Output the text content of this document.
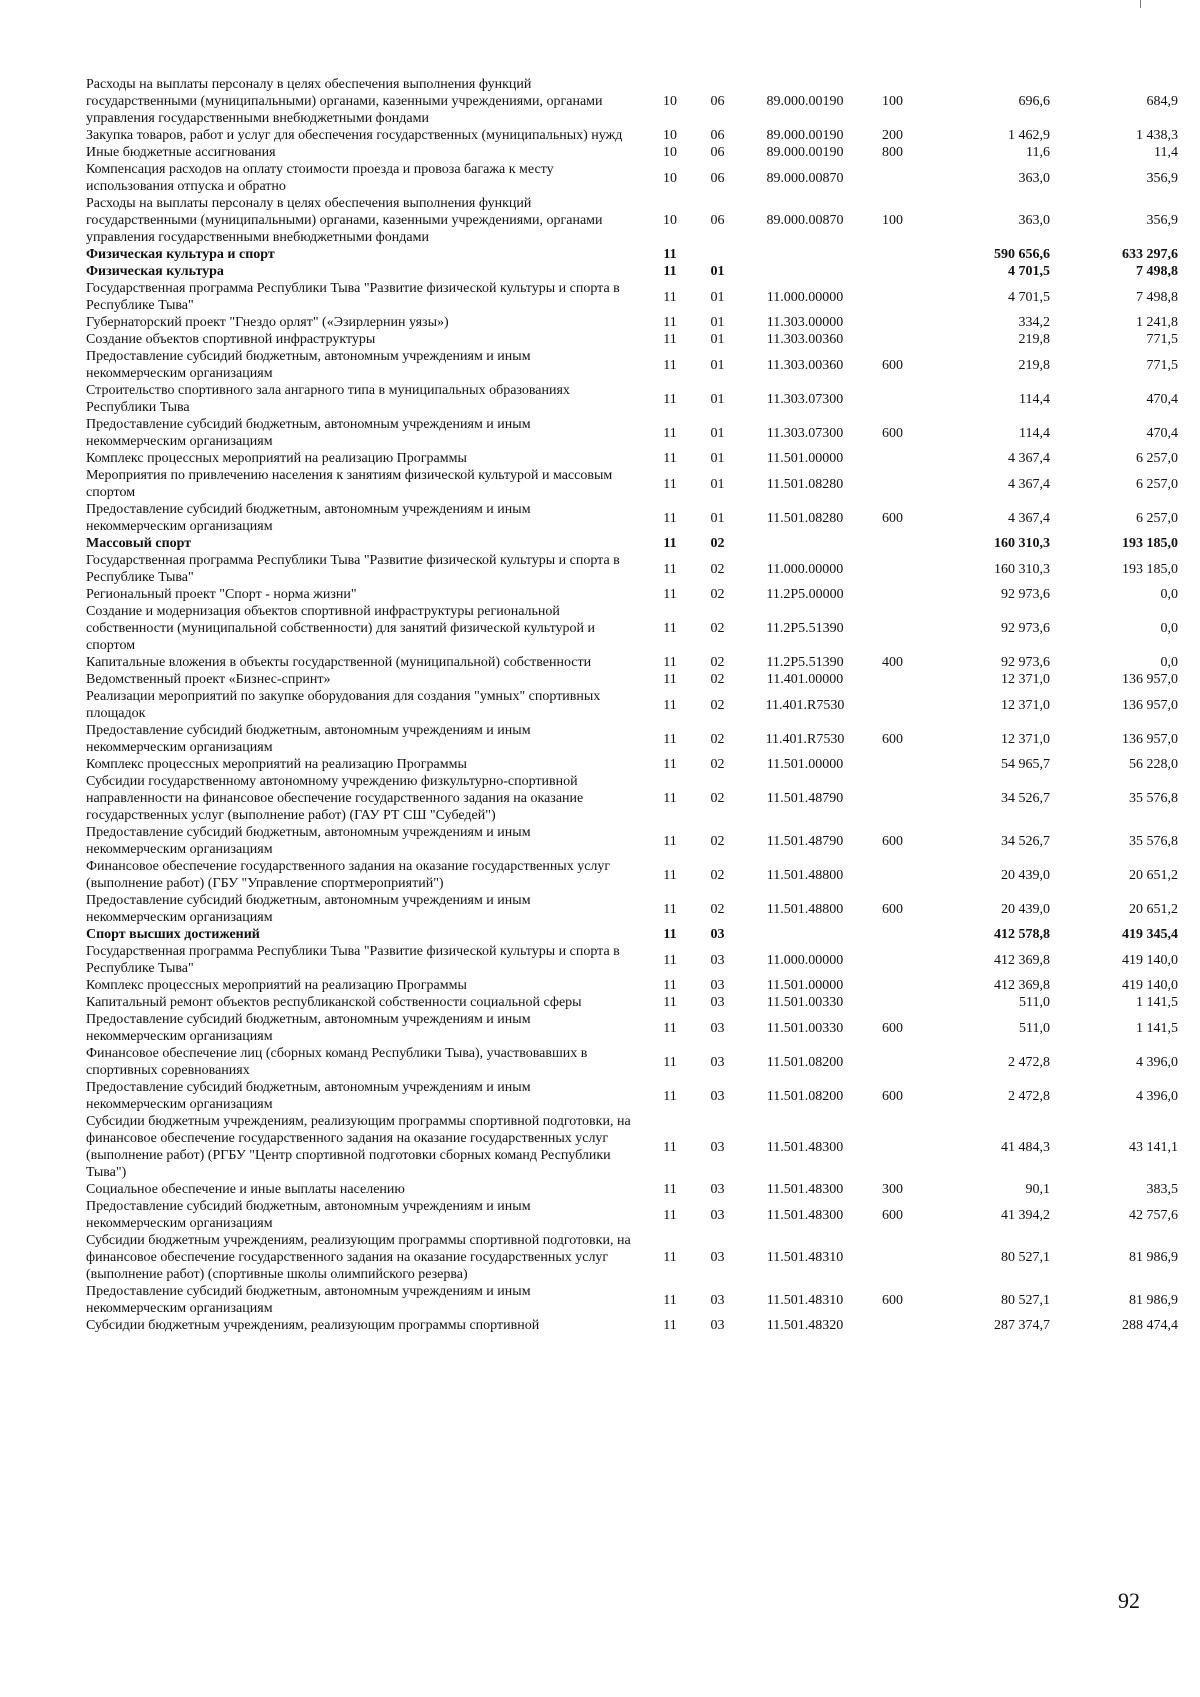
Расходы на выплаты персоналу в целях обеспечения выполнения функций государственными (муниципальными) органами, казенными учреждениями, органами управления государственными внебюджетными фондами	10	06	89.000.00190	100	696,6	684,9
Закупка товаров, работ и услуг для обеспечения государственных (муниципальных) нужд	10	06	89.000.00190	200	1 462,9	1 438,3
Иные бюджетные ассигнования	10	06	89.000.00190	800	11,6	11,4
Компенсация расходов на оплату стоимости проезда и провоза багажа к месту использования отпуска и обратно	10	06	89.000.00870		363,0	356,9
Расходы на выплаты персоналу в целях обеспечения выполнения функций государственными (муниципальными) органами, казенными учреждениями, органами управления государственными внебюджетными фондами	10	06	89.000.00870	100	363,0	356,9
Физическая культура и спорт	11				590 656,6	633 297,6
Физическая культура	11	01			4 701,5	7 498,8
Государственная программа Республики Тыва "Развитие физической культуры и спорта в Республике Тыва"	11	01	11.000.00000		4 701,5	7 498,8
Губернаторский проект "Гнездо орлят" («Эзирлернин уязы»)	11	01	11.303.00000		334,2	1 241,8
Создание объектов спортивной инфраструктуры	11	01	11.303.00360		219,8	771,5
Предоставление субсидий бюджетным, автономным учреждениям и иным некоммерческим организациям	11	01	11.303.00360	600	219,8	771,5
Строительство спортивного зала ангарного типа в муниципальных образованиях Республики Тыва	11	01	11.303.07300		114,4	470,4
Предоставление субсидий бюджетным, автономным учреждениям и иным некоммерческим организациям	11	01	11.303.07300	600	114,4	470,4
Комплекс процессных мероприятий на реализацию Программы	11	01	11.501.00000		4 367,4	6 257,0
Мероприятия по привлечению населения к занятиям физической культурой и массовым спортом	11	01	11.501.08280		4 367,4	6 257,0
Предоставление субсидий бюджетным, автономным учреждениям и иным некоммерческим организациям	11	01	11.501.08280	600	4 367,4	6 257,0
Массовый спорт	11	02			160 310,3	193 185,0
Государственная программа Республики Тыва "Развитие физической культуры и спорта в Республике Тыва"	11	02	11.000.00000		160 310,3	193 185,0
Региональный проект "Спорт - норма жизни"	11	02	11.2P5.00000		92 973,6	0,0
Создание и модернизация объектов спортивной инфраструктуры региональной собственности (муниципальной собственности) для занятий физической культурой и спортом	11	02	11.2P5.51390		92 973,6	0,0
Капитальные вложения в объекты государственной (муниципальной) собственности	11	02	11.2P5.51390	400	92 973,6	0,0
Ведомственный проект «Бизнес-спринт»	11	02	11.401.00000		12 371,0	136 957,0
Реализации мероприятий по закупке оборудования для создания "умных" спортивных площадок	11	02	11.401.R7530		12 371,0	136 957,0
Предоставление субсидий бюджетным, автономным учреждениям и иным некоммерческим организациям	11	02	11.401.R7530	600	12 371,0	136 957,0
Комплекс процессных мероприятий на реализацию Программы	11	02	11.501.00000		54 965,7	56 228,0
Субсидии государственному автономному учреждению физкультурно-спортивной направленности на финансовое обеспечение государственного задания на оказание государственных услуг (выполнение работ) (ГАУ РТ СШ "Субедей")	11	02	11.501.48790		34 526,7	35 576,8
Предоставление субсидий бюджетным, автономным учреждениям и иным некоммерческим организациям	11	02	11.501.48790	600	34 526,7	35 576,8
Финансовое обеспечение государственного задания на оказание государственных услуг (выполнение работ) (ГБУ "Управление спортмероприятий")	11	02	11.501.48800		20 439,0	20 651,2
Предоставление субсидий бюджетным, автономным учреждениям и иным некоммерческим организациям	11	02	11.501.48800	600	20 439,0	20 651,2
Спорт высших достижений	11	03			412 578,8	419 345,4
Государственная программа Республики Тыва "Развитие физической культуры и спорта в Республике Тыва"	11	03	11.000.00000		412 369,8	419 140,0
Комплекс процессных мероприятий на реализацию Программы	11	03	11.501.00000		412 369,8	419 140,0
Капитальный ремонт объектов республиканской собственности социальной сферы	11	03	11.501.00330		511,0	1 141,5
Предоставление субсидий бюджетным, автономным учреждениям и иным некоммерческим организациям	11	03	11.501.00330	600	511,0	1 141,5
Финансовое обеспечение лиц (сборных команд Республики Тыва), участвовавших в спортивных соревнованиях	11	03	11.501.08200		2 472,8	4 396,0
Предоставление субсидий бюджетным, автономным учреждениям и иным некоммерческим организациям	11	03	11.501.08200	600	2 472,8	4 396,0
Субсидии бюджетным учреждениям, реализующим программы спортивной подготовки, на финансовое обеспечение государственного задания на оказание государственных услуг (выполнение работ) (РГБУ "Центр спортивной подготовки сборных команд Республики Тыва")	11	03	11.501.48300		41 484,3	43 141,1
Социальное обеспечение и иные выплаты населению	11	03	11.501.48300	300	90,1	383,5
Предоставление субсидий бюджетным, автономным учреждениям и иным некоммерческим организациям	11	03	11.501.48300	600	41 394,2	42 757,6
Субсидии бюджетным учреждениям, реализующим программы спортивной подготовки, на финансовое обеспечение государственного задания на оказание государственных услуг (выполнение работ) (спортивные школы олимпийского резерва)	11	03	11.501.48310		80 527,1	81 986,9
Предоставление субсидий бюджетным, автономным учреждениям и иным некоммерческим организациям	11	03	11.501.48310	600	80 527,1	81 986,9
Субсидии бюджетным учреждениям, реализующим программы спортивной	11	03	11.501.48320		287 374,7	288 474,4
92
